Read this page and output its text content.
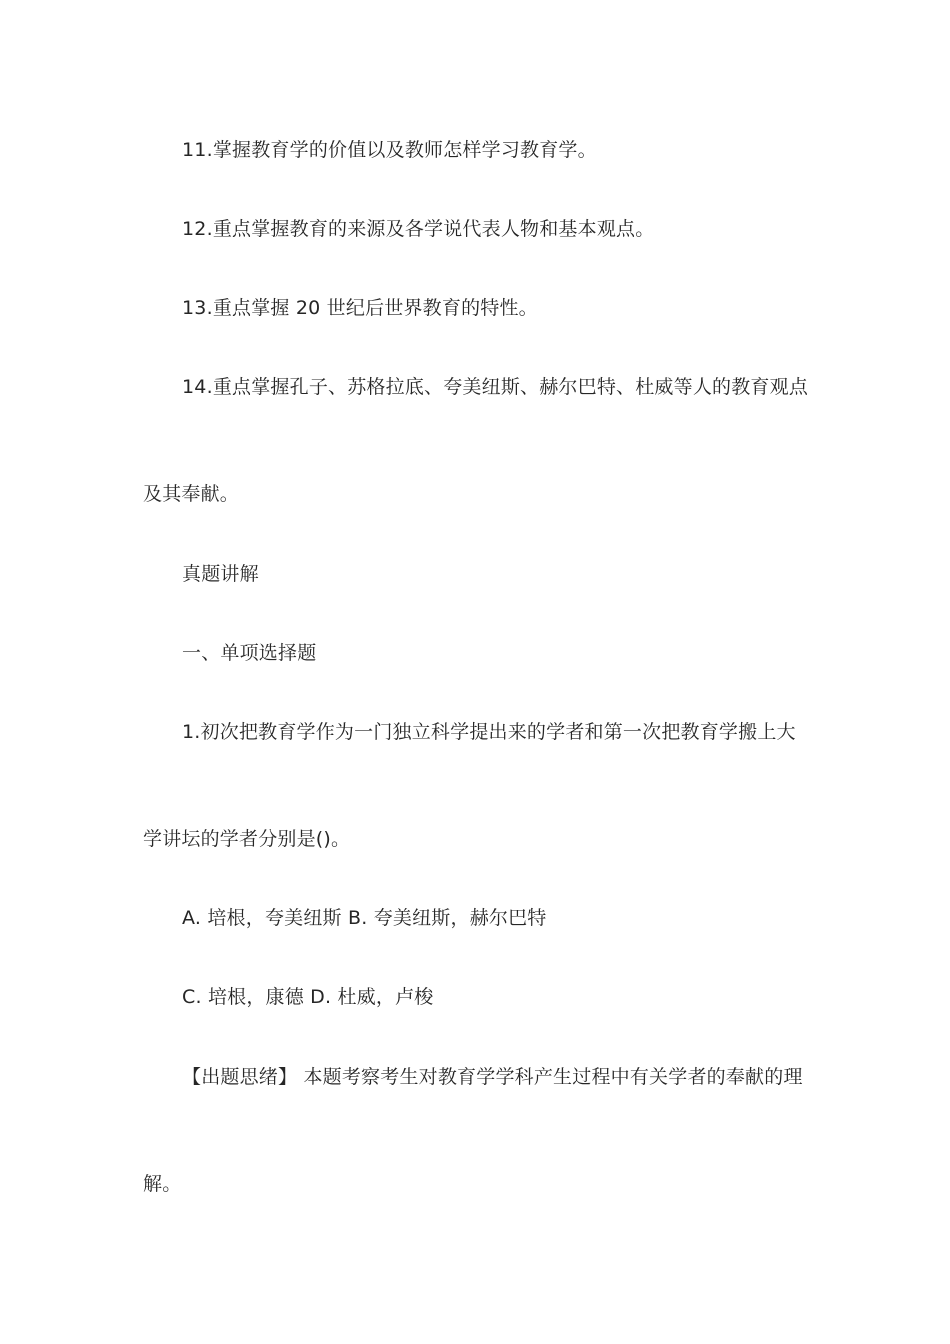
11.掌握教育学的价值以及教师怎样学习教育学。
12.重点掌握教育的来源及各学说代表人物和基本观点。
13.重点掌握 20 世纪后世界教育的特性。
14.重点掌握孔子、苏格拉底、夸美纽斯、赫尔巴特、杜威等人的教育观点
及其奉献。
真题讲解
一、单项选择题
1.初次把教育学作为一门独立科学提出来的学者和第一次把教育学搬上大
学讲坛的学者分别是()。
A. 培根，夸美纽斯 B. 夸美纽斯，赫尔巴特
C. 培根，康德 D. 杜威，卢梭
【出题思绪】 本题考察考生对教育学学科产生过程中有关学者的奉献的理
解。
